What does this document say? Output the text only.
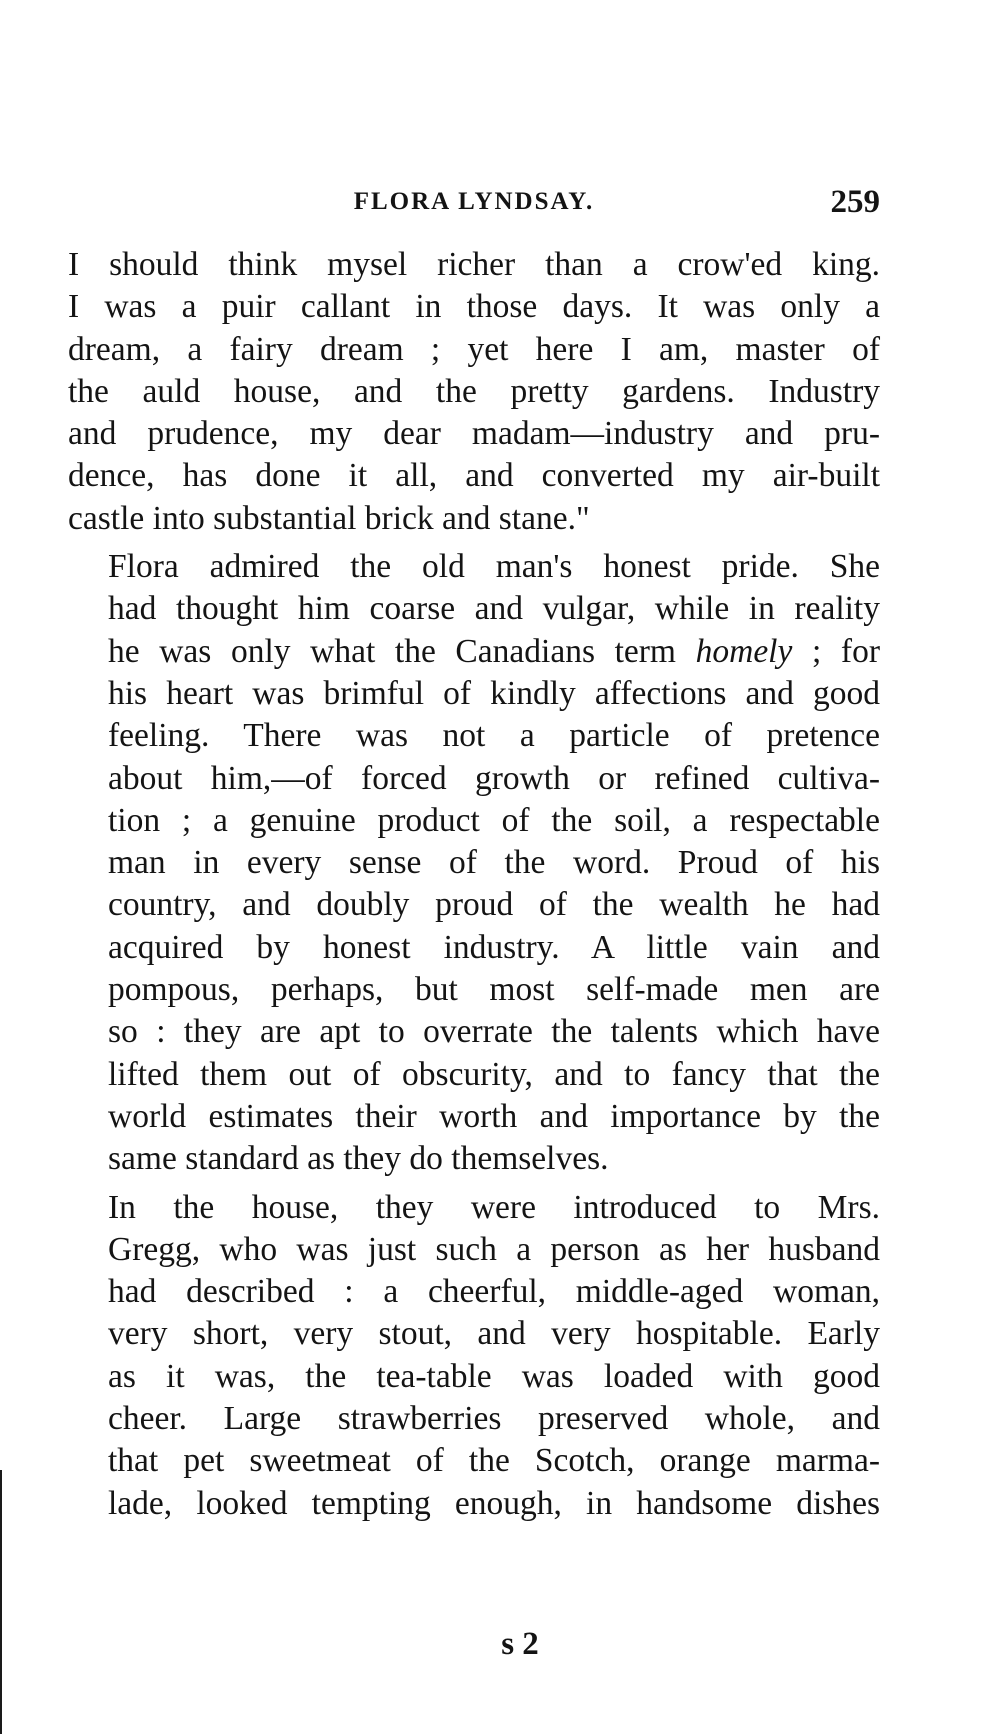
FLORA LYNDSAY.	259

I should think mysel richer than a crow'ed king.
I was a puir callant in those days. It was only a
dream, a fairy dream ; yet here I am, master of
the auld house, and the pretty gardens. Industry
and prudence, my dear madam—industry and pru-
dence, has done it all, and converted my air-built
castle into substantial brick and stane."

Flora admired the old man's honest pride. She
had thought him coarse and vulgar, while in reality
he was only what the Canadians term homely ; for
his heart was brimful of kindly affections and good
feeling. There was not a particle of pretence
about him,—of forced growth or refined cultiva-
tion ; a genuine product of the soil, a respectable
man in every sense of the word. Proud of his
country, and doubly proud of the wealth he had
acquired by honest industry. A little vain and
pompous, perhaps, but most self-made men are
so : they are apt to overrate the talents which have
lifted them out of obscurity, and to fancy that the
world estimates their worth and importance by the
same standard as they do themselves.

In the house, they were introduced to Mrs.
Gregg, who was just such a person as her husband
had described : a cheerful, middle-aged woman,
very short, very stout, and very hospitable. Early
as it was, the tea-table was loaded with good
cheer. Large strawberries preserved whole, and
that pet sweetmeat of the Scotch, orange marma-
lade, looked tempting enough, in handsome dishes

s 2
